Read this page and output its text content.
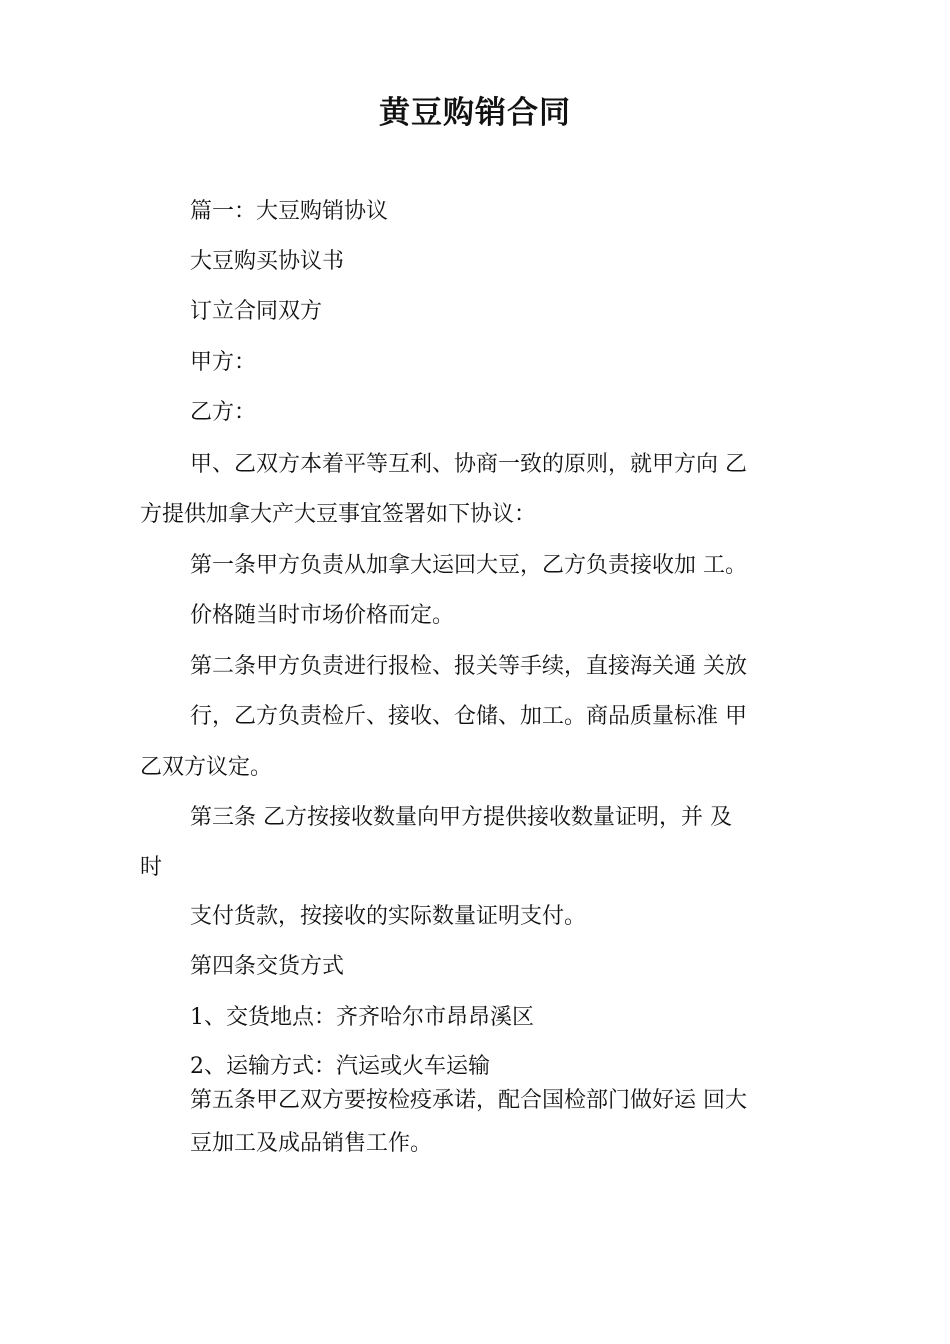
黄豆购销合同

篇一：大豆购销协议

大豆购买协议书

订立合同双方

甲方：

乙方：

甲、乙双方本着平等互利、协商一致的原则，就甲方向 乙

方提供加拿大产大豆事宜签署如下协议：

第一条甲方负责从加拿大运回大豆，乙方负责接收加 工。

价格随当时市场价格而定。

第二条甲方负责进行报检、报关等手续，直接海关通 关放

行，乙方负责检斤、接收、仓储、加工。商品质量标准 甲

乙双方议定。

第三条 乙方按接收数量向甲方提供接收数量证明，并 及

时

支付货款，按接收的实际数量证明支付。

第四条交货方式

1、交货地点：齐齐哈尔市昂昂溪区

2、运输方式：汽运或火车运输

第五条甲乙双方要按检疫承诺，配合国检部门做好运 回大

豆加工及成品销售工作。
